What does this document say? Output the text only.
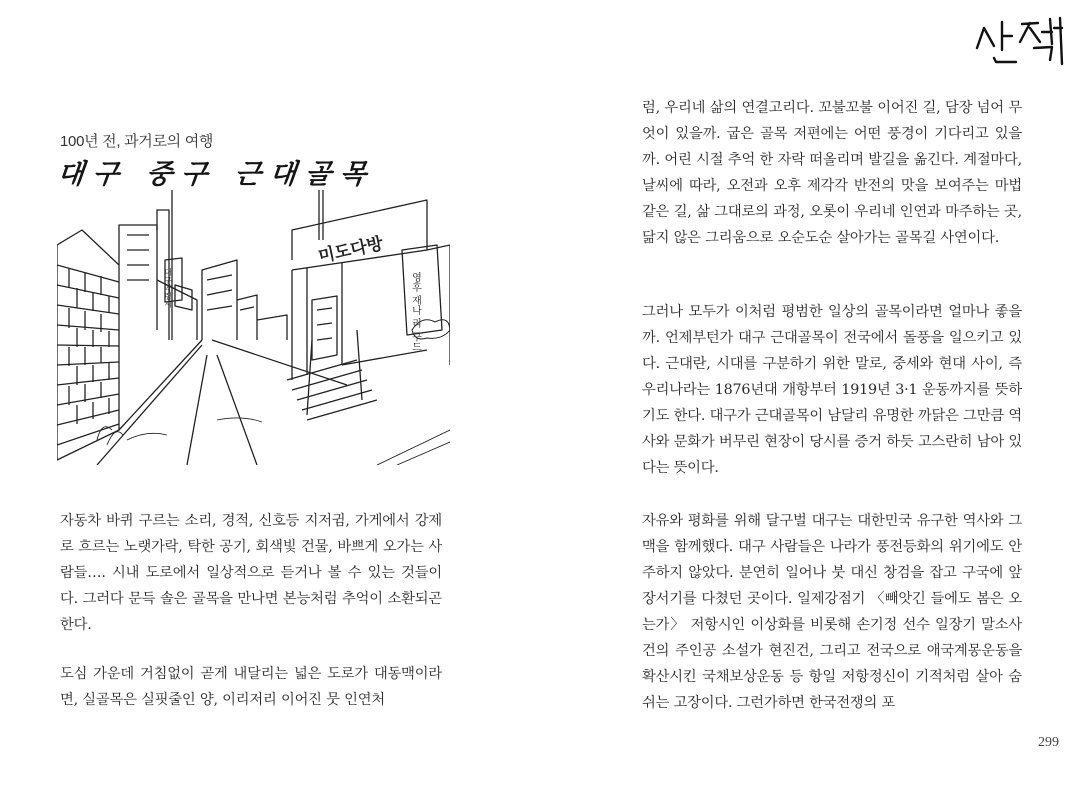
100년 전, 과거로의 여행
대구 중구 근대골목
미도다방
영후 재나 리 구드
대구약령시

자동차 바퀴 구르는 소리, 경적, 신호등 지저귐, 가게에서 강제로 흐르는 노랫가락, 탁한 공기, 회색빛 건물, 바쁘게 오가는 사람들…. 시내 도로에서 일상적으로 듣거나 볼 수 있는 것들이다. 그러다 문득 솔은 골목을 만나면 본능처럼 추억이 소환되곤 한다.

도심 가운데 거침없이 곧게 내달리는 넓은 도로가 대동맥이라면, 실골목은 실핏줄인 양, 이리저리 이어진 뭇 인연처

럼, 우리네 삶의 연결고리다. 꼬불꼬불 이어진 길, 담장 넘어 무엇이 있을까. 굽은 골목 저편에는 어떤 풍경이 기다리고 있을까. 어린 시절 추억 한 자락 떠올리며 발길을 옮긴다. 계절마다, 날씨에 따라, 오전과 오후 제각각 반전의 맛을 보여주는 마법 같은 길, 삶 그대로의 과정, 오롯이 우리네 인연과 마주하는 곳, 닮지 않은 그리움으로 오순도순 살아가는 골목길 사연이다.

그러나 모두가 이처럼 평범한 일상의 골목이라면 얼마나 좋을까. 언제부턴가 대구 근대골목이 전국에서 돌풍을 일으키고 있다. 근대란, 시대를 구분하기 위한 말로, 중세와 현대 사이, 즉 우리나라는 1876년대 개항부터 1919년 3·1 운동까지를 뜻하기도 한다. 대구가 근대골목이 남달리 유명한 까닭은 그만큼 역사와 문화가 버무린 현장이 당시를 증거 하듯 고스란히 남아 있다는 뜻이다.

자유와 평화를 위해 달구벌 대구는 대한민국 유구한 역사와 그 맥을 함께했다. 대구 사람들은 나라가 풍전등화의 위기에도 안주하지 않았다. 분연히 일어나 붓 대신 창검을 잡고 구국에 앞장서기를 다쳤던 곳이다. 일제강점기 〈빼앗긴 들에도 봄은 오는가〉 저항시인 이상화를 비롯해 손기정 선수 일장기 말소사건의 주인공 소설가 현진건, 그리고 전국으로 애국계몽운동을 확산시킨 국채보상운동 등 항일 저항정신이 기적처럼 살아 숨 쉬는 고장이다. 그런가하면 한국전쟁의 포

299
